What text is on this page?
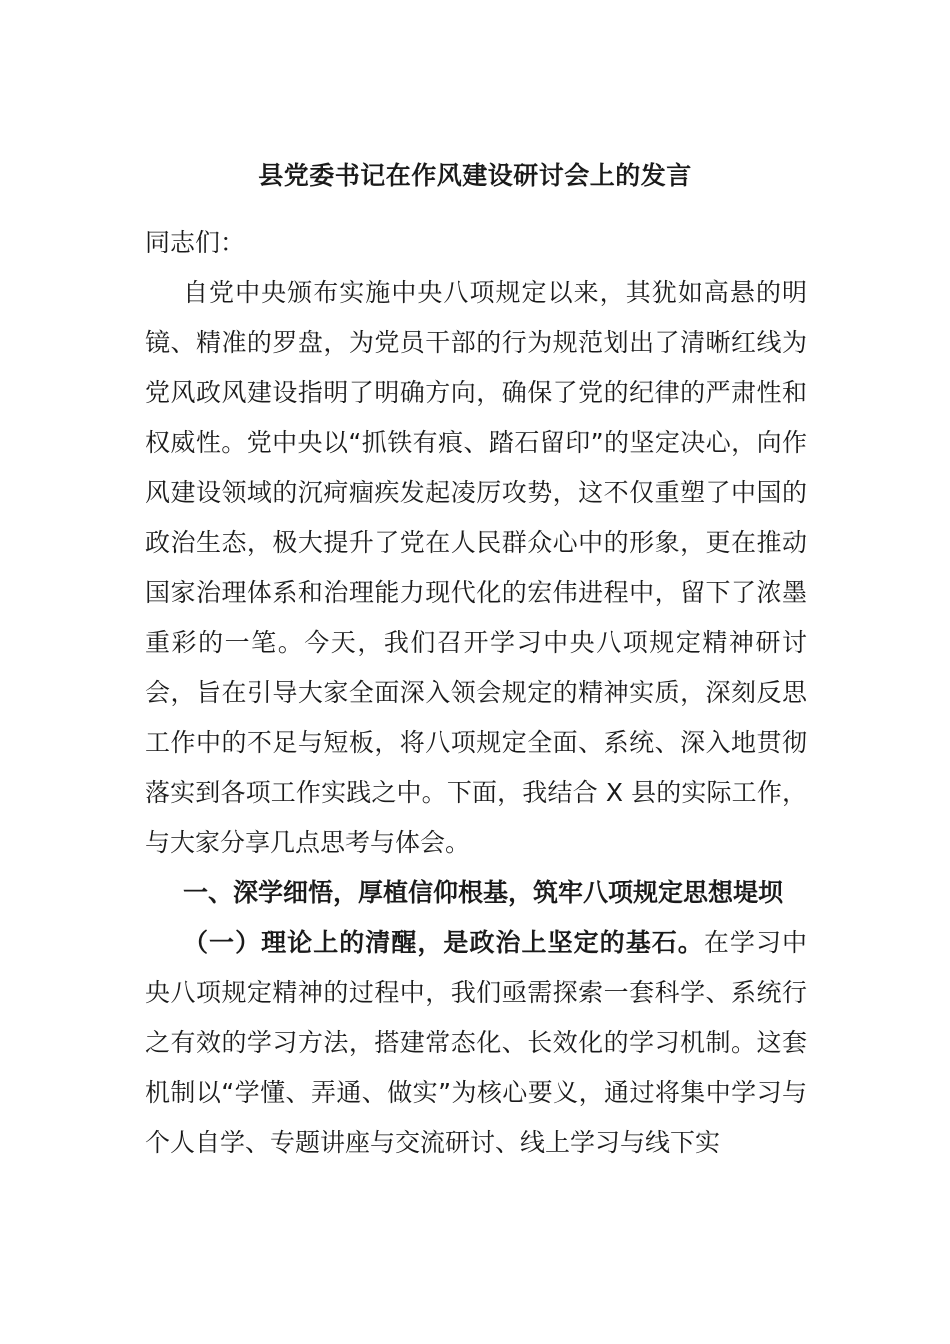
县党委书记在作风建设研讨会上的发言

同志们：

自党中央颁布实施中央八项规定以来，其犹如高悬的明镜、精准的罗盘，为党员干部的行为规范划出了清晰红线为党风政风建设指明了明确方向，确保了党的纪律的严肃性和权威性。党中央以“抓铁有痕、踏石留印”的坚定决心，向作风建设领域的沉疴痼疾发起凌厉攻势，这不仅重塑了中国的政治生态，极大提升了党在人民群众心中的形象，更在推动国家治理体系和治理能力现代化的宏伟进程中，留下了浓墨重彩的一笔。今天，我们召开学习中央八项规定精神研讨会，旨在引导大家全面深入领会规定的精神实质，深刻反思工作中的不足与短板，将八项规定全面、系统、深入地贯彻落实到各项工作实践之中。下面，我结合 X 县的实际工作，与大家分享几点思考与体会。

一、深学细悟，厚植信仰根基，筑牢八项规定思想堤坝

（一）理论上的清醒，是政治上坚定的基石。在学习中央八项规定精神的过程中，我们亟需探索一套科学、系统行之有效的学习方法，搭建常态化、长效化的学习机制。这套机制以“学懂、弄通、做实”为核心要义，通过将集中学习与个人自学、专题讲座与交流研讨、线上学习与线下实
